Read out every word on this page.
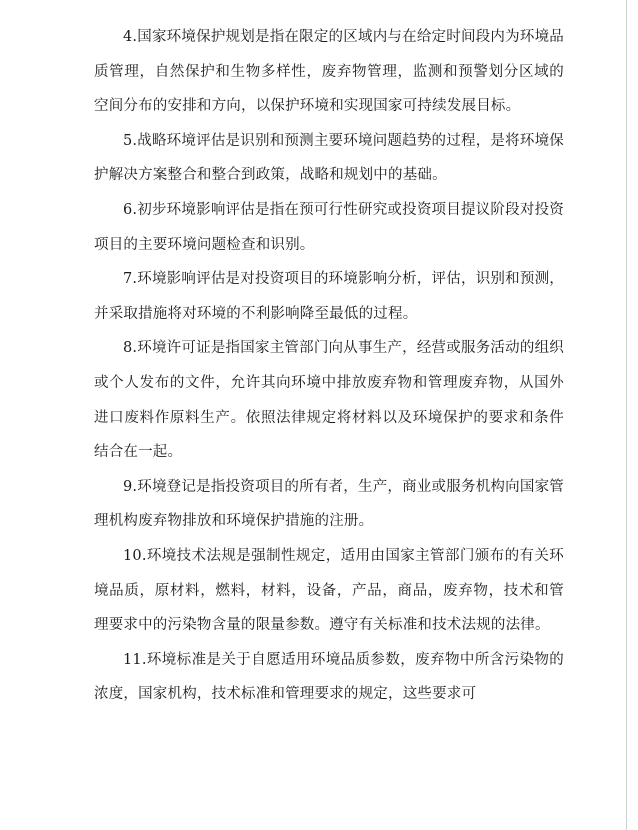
4.国家环境保护规划是指在限定的区域内与在给定时间段内为环境品质管理，自然保护和生物多样性，废弃物管理，监测和预警划分区域的空间分布的安排和方向，以保护环境和实现国家可持续发展目标。

5.战略环境评估是识别和预测主要环境问题趋势的过程，是将环境保护解决方案整合和整合到政策，战略和规划中的基础。

6.初步环境影响评估是指在预可行性研究或投资项目提议阶段对投资项目的主要环境问题检查和识别。

7.环境影响评估是对投资项目的环境影响分析，评估，识别和预测，并采取措施将对环境的不利影响降至最低的过程。

8.环境许可证是指国家主管部门向从事生产，经营或服务活动的组织或个人发布的文件，允许其向环境中排放废弃物和管理废弃物，从国外进口废料作原料生产。依照法律规定将材料以及环境保护的要求和条件结合在一起。

9.环境登记是指投资项目的所有者，生产，商业或服务机构向国家管理机构废弃物排放和环境保护措施的注册。

10.环境技术法规是强制性规定，适用由国家主管部门颁布的有关环境品质，原材料，燃料，材料，设备，产品，商品，废弃物，技术和管理要求中的污染物含量的限量参数。遵守有关标准和技术法规的法律。

11.环境标准是关于自愿适用环境品质参数，废弃物中所含污染物的浓度，国家机构，技术标准和管理要求的规定，这些要求可
